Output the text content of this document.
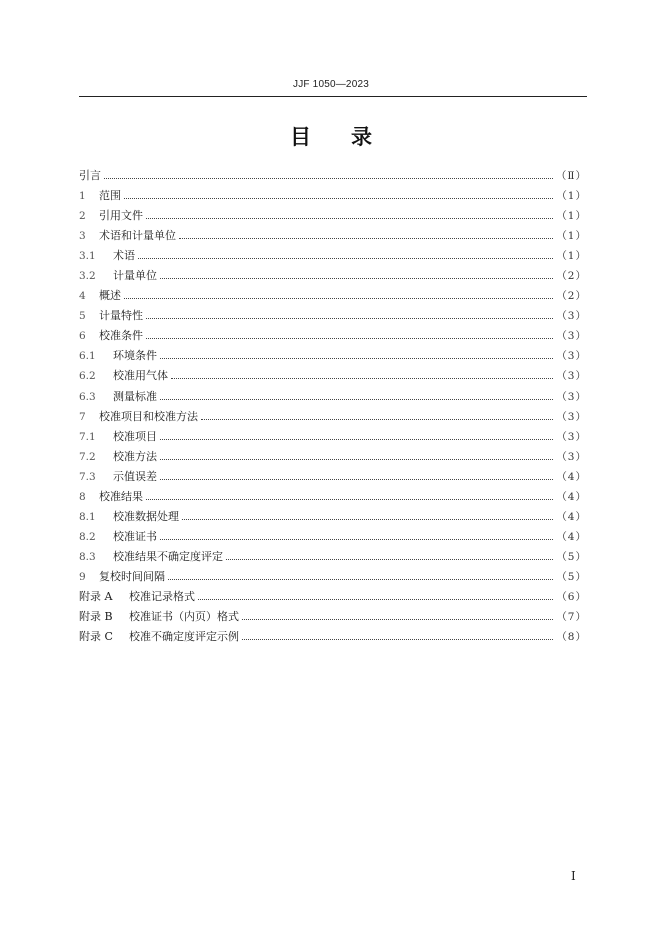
JJF 1050—2023
目录
引言	（Ⅱ）
1	范围	（1）
2	引用文件	（1）
3	术语和计量单位	（1）
3.1	术语	（1）
3.2	计量单位	（2）
4	概述	（2）
5	计量特性	（3）
6	校准条件	（3）
6.1	环境条件	（3）
6.2	校准用气体	（3）
6.3	测量标准	（3）
7	校准项目和校准方法	（3）
7.1	校准项目	（3）
7.2	校准方法	（3）
7.3	示值误差	（4）
8	校准结果	（4）
8.1	校准数据处理	（4）
8.2	校准证书	（4）
8.3	校准结果不确定度评定	（5）
9	复校时间间隔	（5）
附录 A	校准记录格式	（6）
附录 B	校准证书（内页）格式	（7）
附录 C	校准不确定度评定示例	（8）
I
